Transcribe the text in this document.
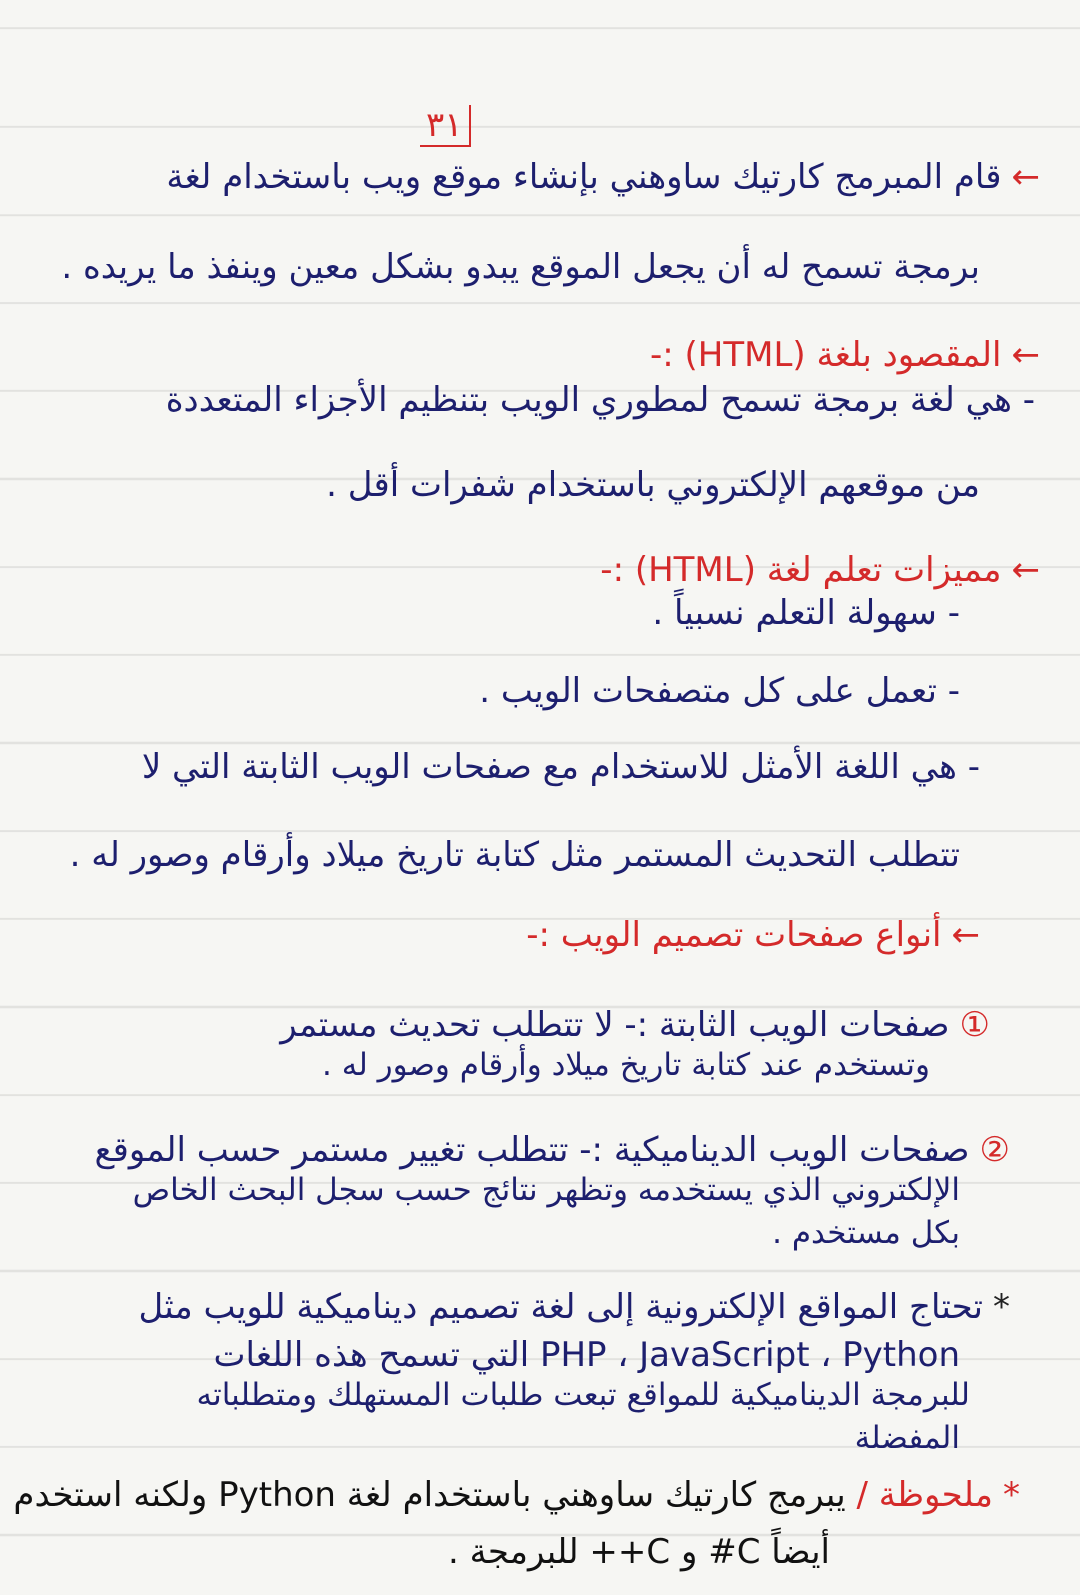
٣١
←قام المبرمج كارتيك ساوهني بإنشاء موقع ويب باستخدام لغة
برمجة تسمح له أن يجعل الموقع يبدو بشكل معين وينفذ ما يريده .
←المقصود بلغة (HTML) :-
- هي لغة برمجة تسمح لمطوري الويب بتنظيم الأجزاء المتعددة
من موقعهم الإلكتروني باستخدام شفرات أقل .
←مميزات تعلم لغة (HTML) :-
- سهولة التعلم نسبياً .
- تعمل على كل متصفحات الويب .
- هي اللغة الأمثل للاستخدام مع صفحات الويب الثابتة التي لا
تتطلب التحديث المستمر مثل كتابة تاريخ ميلاد وأرقام وصور له .
←أنواع صفحات تصميم الويب :-
①صفحات الويب الثابتة :- لا تتطلب تحديث مستمر
وتستخدم عند كتابة تاريخ ميلاد وأرقام وصور له .
②صفحات الويب الديناميكية :- تتطلب تغيير مستمر حسب الموقع
الإلكتروني الذي يستخدمه وتظهر نتائج حسب سجل البحث الخاص
بكل مستخدم .
*تحتاج المواقع الإلكترونية إلى لغة تصميم ديناميكية للويب مثل
PHP ، JavaScript ، Python التي تسمح هذه اللغات
للبرمجة الديناميكية للمواقع تبعت طلبات المستهلك ومتطلباته
المفضلة
*ملحوظة / يبرمج كارتيك ساوهني باستخدام لغة Python ولكنه استخدم
أيضاً C# و C++ للبرمجة .
